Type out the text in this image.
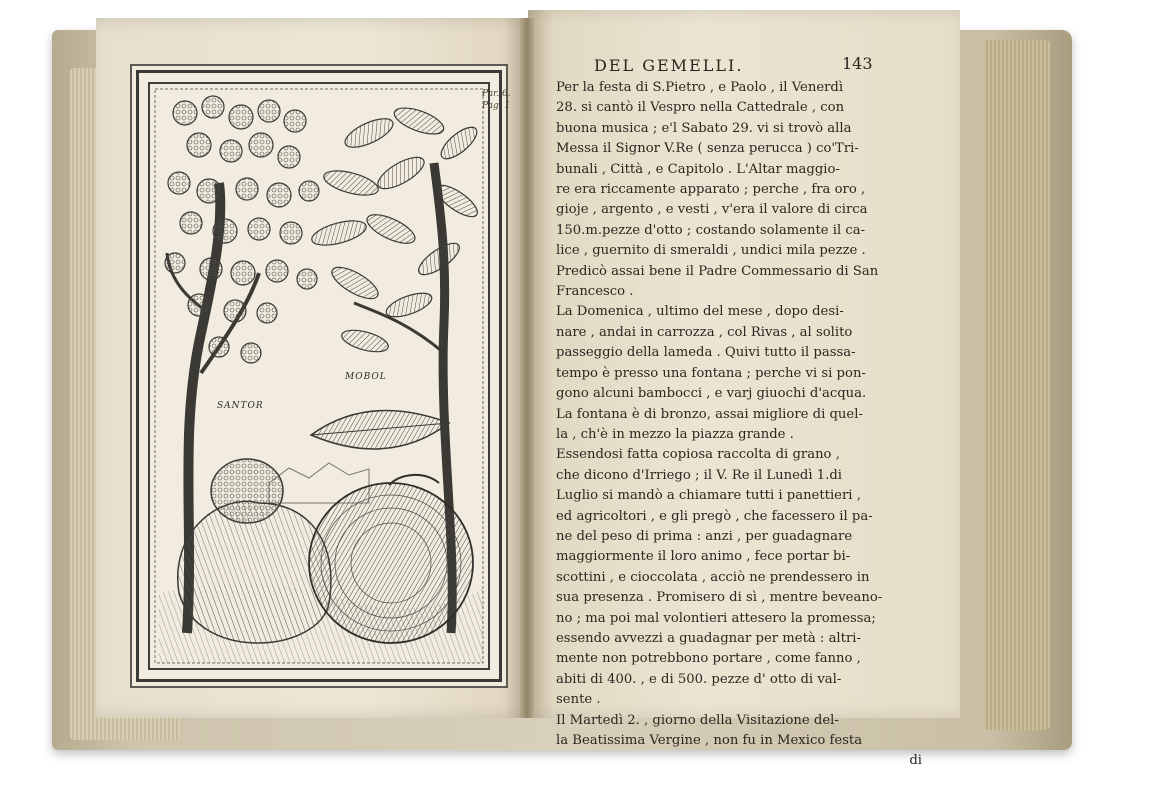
SANTOR
MOBOL
Par. 6.
Pag. 1
DEL GEMELLI.	143
Per la festa di S.Pietro , e Paolo , il Venerdì
28. si cantò il Vespro nella Cattedrale , con
buona musica ; e'l Sabato 29. vi si trovò alla
Messa il Signor V.Re ( senza perucca ) co'Tri-
bunali , Città , e Capitolo . L'Altar maggio-
re era riccamente apparato ; perche , fra oro ,
gioje , argento , e vesti , v'era il valore di circa
150.m.pezze d'otto ; costando solamente il ca-
lice , guernito di smeraldi , undici mila pezze .
Predicò assai bene il Padre Commessario di San
Francesco .
La Domenica , ultimo del mese , dopo desi-
nare , andai in carrozza , col Rivas , al solito
passeggio della lameda . Quivi tutto il passa-
tempo è presso una fontana ; perche vi si pon-
gono alcuni bambocci , e varj giuochi d'acqua.
La fontana è di bronzo, assai migliore di quel-
la , ch'è in mezzo la piazza grande .
Essendosi fatta copiosa raccolta di grano ,
che dicono d'Irriego ; il V. Re il Lunedì 1.di
Luglio si mandò a chiamare tutti i panettieri ,
ed agricoltori , e gli pregò , che facessero il pa-
ne del peso di prima : anzi , per guadagnare
maggiormente il loro animo , fece portar bi-
scottini , e cioccolata , acciò ne prendessero in
sua presenza . Promisero di sì , mentre beveano-
no ; ma poi mal volontieri attesero la promessa;
essendo avvezzi a guadagnar per metà : altri-
mente non potrebbono portare , come fanno ,
abiti di 400. , e di 500. pezze d' otto di val-
sente .
Il Martedì 2. , giorno della Visitazione del-
la Beatissima Vergine , non fu in Mexico festa
di
